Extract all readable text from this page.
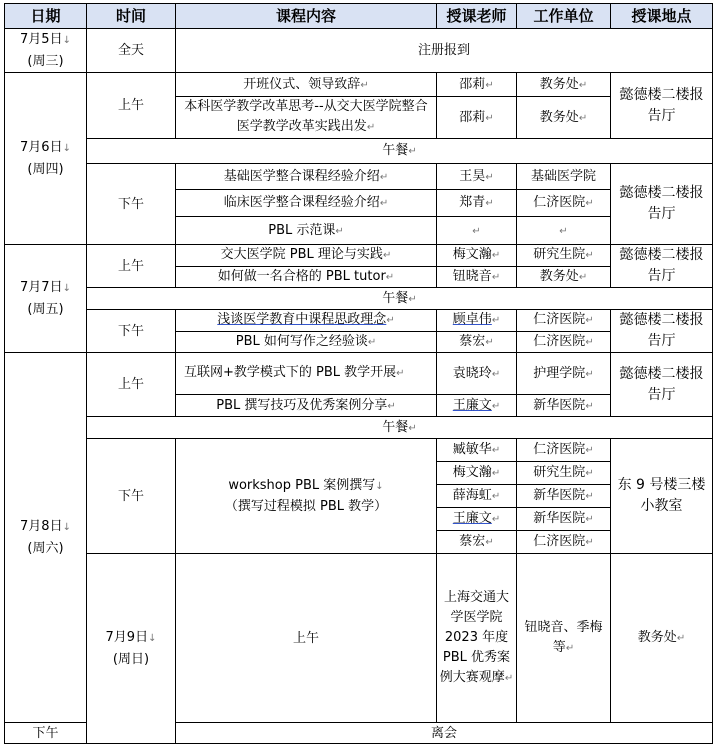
日期	时间	课程内容	授课老师	工作单位	授课地点	

7月5日↓
(周三)	全天	注册报到				

7月6日↓
(周四)	上午	开班仪式、领导致辞↵	邵莉↵	教务处↵	懿德楼二楼报告厅	
		本科医学教学改革思考--从交大医学院整合医学教学改革实践出发↵	邵莉↵	教务处↵		
	午餐↵					
	下午	基础医学整合课程经验介绍↵	王昊↵	基础医学院	懿德楼二楼报告厅	
		临床医学整合课程经验介绍↵	郑青↵	仁济医院↵		
		PBL 示范课↵	↵	↵		

7月7日↓
(周五)	上午	交大医学院 PBL 理论与实践↵	梅文瀚↵	研究生院↵	懿德楼二楼报告厅	
		如何做一名合格的 PBL tutor↵	钮晓音↵	教务处↵		
	午餐↵					
	下午	浅谈医学教育中课程思政理念↵	顾卓伟↵	仁济医院↵	懿德楼二楼报告厅	
		PBL 如何写作之经验谈↵	蔡宏↵	仁济医院↵		

7月8日↓
(周六)	上午	互联网+教学模式下的 PBL 教学开展↵	袁晓玲↵	护理学院↵	懿德楼二楼报告厅	
		PBL 撰写技巧及优秀案例分享↵	王廉文↵	新华医院↵		
	午餐↵					
	下午	workshop PBL 案例撰写↓
（撰写过程模拟 PBL 教学）	臧敏华↵	仁济医院↵	东 9 号楼三楼小教室	
			梅文瀚↵	研究生院↵		
			薛海虹↵	新华医院↵		
			王廉文↵	新华医院↵		
			蔡宏↵	仁济医院↵		

	7月9日↓
(周日)	上午	上海交通大学医学院 2023 年度 PBL 优秀案例大赛观摩↵	钮晓音、季梅等↵	教务处↵	
下午		离会				
